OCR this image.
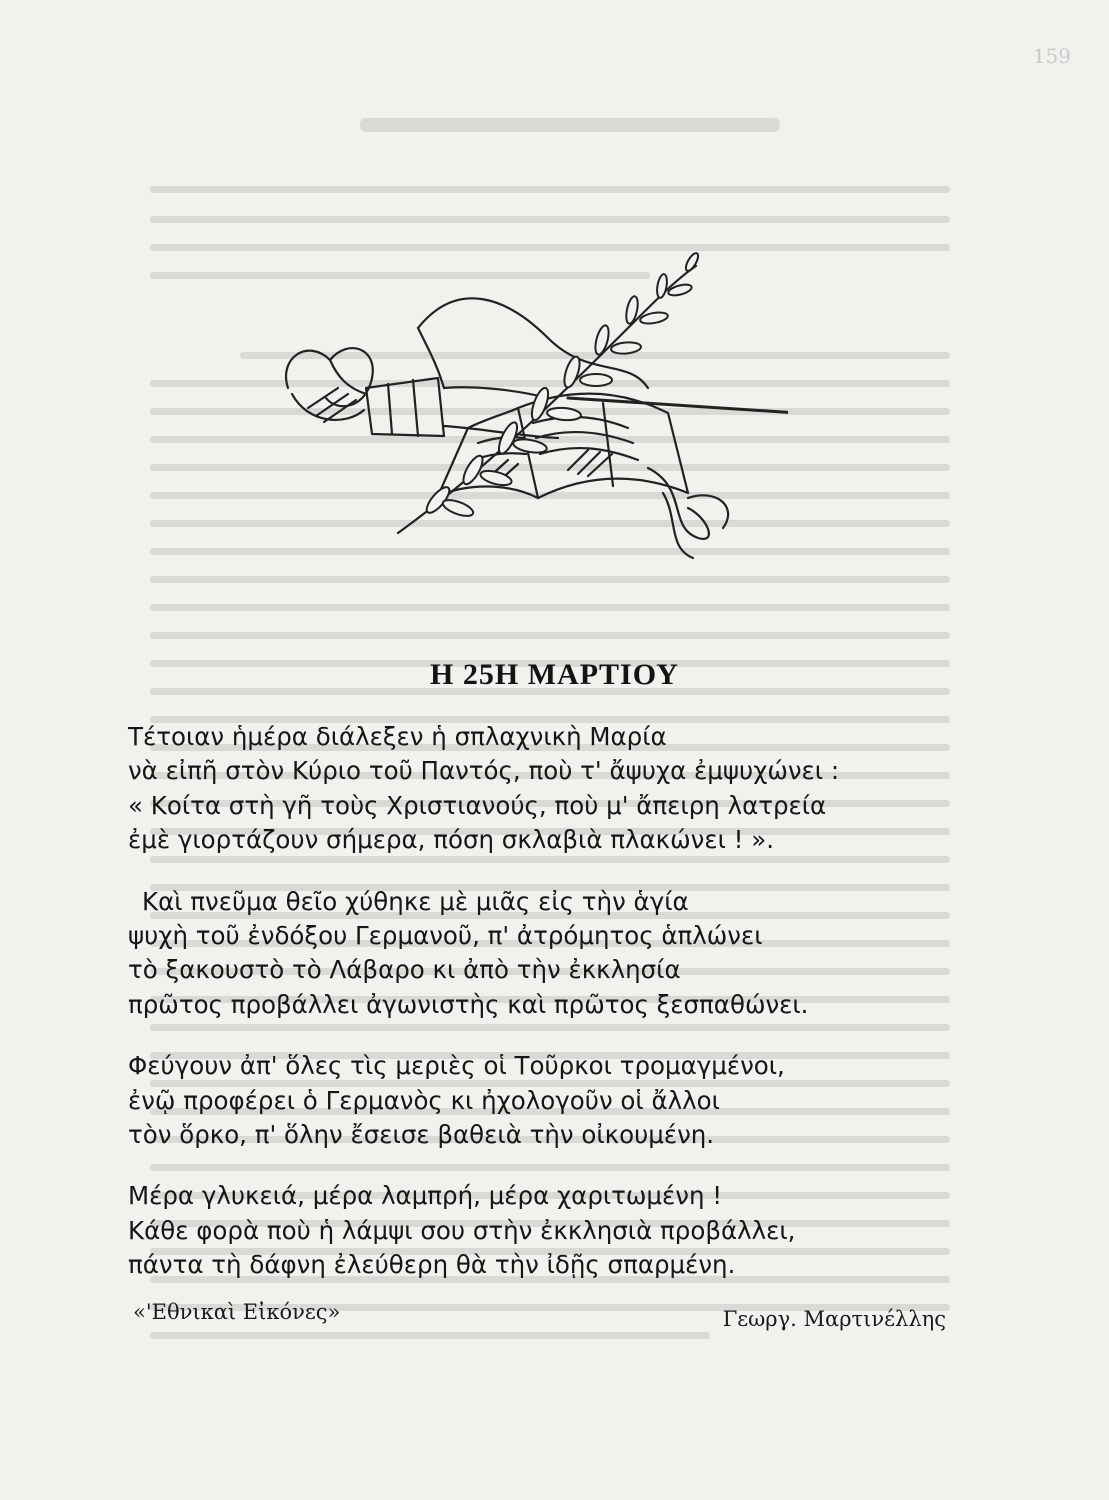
159
Η 25Η ΜΑΡΤΙΟΥ
Τέτοιαν ἡμέρα διάλεξεν ἡ σπλαχνικὴ Μαρία
νὰ εἰπῆ στὸν Κύριο τοῦ Παντός, ποὺ τ' ἄψυχα ἐμψυχώνει :
« Κοίτα στὴ γῆ τοὺς Χριστιανούς, ποὺ μ' ἄπειρη λατρεία
ἐμὲ γιορτάζουν σήμερα, πόση σκλαβιὰ πλακώνει ! ».
Καὶ πνεῦμα θεῖο χύθηκε μὲ μιᾶς εἰς τὴν ἁγία
ψυχὴ τοῦ ἐνδόξου Γερμανοῦ, π' ἀτρόμητος ἁπλώνει
τὸ ξακουστὸ τὸ Λάβαρο κι ἀπὸ τὴν ἐκκλησία
πρῶτος προβάλλει ἀγωνιστὴς καὶ πρῶτος ξεσπαθώνει.
Φεύγουν ἀπ' ὅλες τὶς μεριὲς οἱ Τοῦρκοι τρομαγμένοι,
ἐνῷ προφέρει ὁ Γερμανὸς κι ἠχολογοῦν οἱ ἄλλοι
τὸν ὅρκο, π' ὅλην ἔσεισε βαθειὰ τὴν οἰκουμένη.
Μέρα γλυκειά, μέρα λαμπρή, μέρα χαριτωμένη !
Κάθε φορὰ ποὺ ἡ λάμψι σου στὴν ἐκκλησιὰ προβάλλει,
πάντα τὴ δάφνη ἐλεύθερη θὰ τὴν ἰδῇς σπαρμένη.
«'Εθνικαὶ Εἰκόνες»	Γεωργ. Μαρτινέλλης
